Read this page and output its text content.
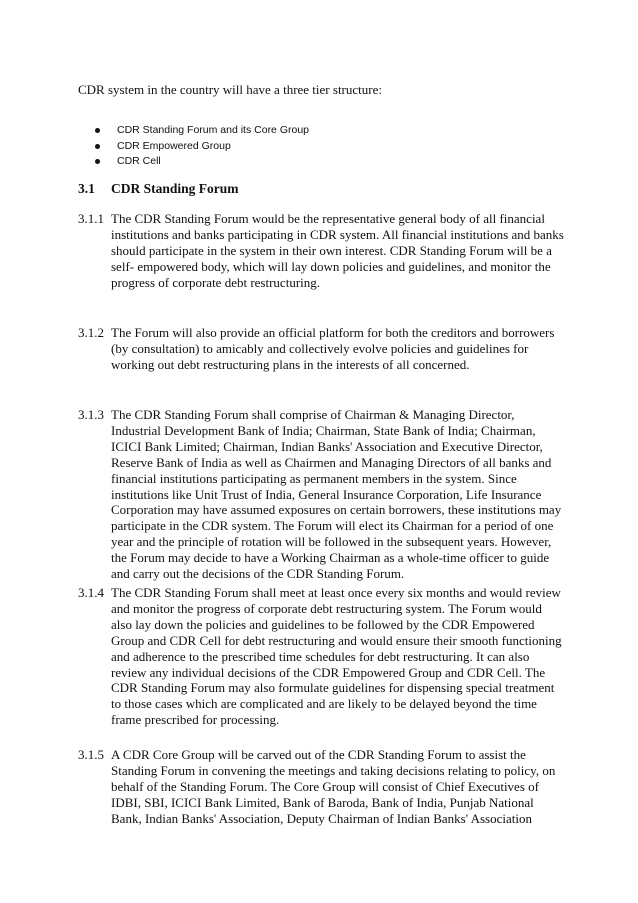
CDR system in the country will have a three tier structure:
CDR Standing Forum and its Core Group
CDR Empowered Group
CDR Cell
3.1 CDR Standing Forum
3.1.1 The CDR Standing Forum would be the representative general body of all financial
institutions and banks participating in CDR system. All financial institutions and banks
should participate in the system in their own interest. CDR Standing Forum will be a
self- empowered body, which will lay down policies and guidelines, and monitor the
progress of corporate debt restructuring.
3.1.2 The Forum will also provide an official platform for both the creditors and borrowers
(by consultation) to amicably and collectively evolve policies and guidelines for
working out debt restructuring plans in the interests of all concerned.
3.1.3 The CDR Standing Forum shall comprise of Chairman & Managing Director,
Industrial Development Bank of India; Chairman, State Bank of India; Chairman,
ICICI Bank Limited; Chairman, Indian Banks' Association and Executive Director,
Reserve Bank of India as well as Chairmen and Managing Directors of all banks and
financial institutions participating as permanent members in the system. Since
institutions like Unit Trust of India, General Insurance Corporation, Life Insurance
Corporation may have assumed exposures on certain borrowers, these institutions may
participate in the CDR system. The Forum will elect its Chairman for a period of one
year and the principle of rotation will be followed in the subsequent years. However,
the Forum may decide to have a Working Chairman as a whole-time officer to guide
and carry out the decisions of the CDR Standing Forum.
3.1.4 The CDR Standing Forum shall meet at least once every six months and would review
and monitor the progress of corporate debt restructuring system. The Forum would
also lay down the policies and guidelines to be followed by the CDR Empowered
Group and CDR Cell for debt restructuring and would ensure their smooth functioning
and adherence to the prescribed time schedules for debt restructuring. It can also
review any individual decisions of the CDR Empowered Group and CDR Cell. The
CDR Standing Forum may also formulate guidelines for dispensing special treatment
to those cases which are complicated and are likely to be delayed beyond the time
frame prescribed for processing.
3.1.5 A CDR Core Group will be carved out of the CDR Standing Forum to assist the
Standing Forum in convening the meetings and taking decisions relating to policy, on
behalf of the Standing Forum. The Core Group will consist of Chief Executives of
IDBI, SBI, ICICI Bank Limited, Bank of Baroda, Bank of India, Punjab National
Bank, Indian Banks' Association, Deputy Chairman of Indian Banks' Association
